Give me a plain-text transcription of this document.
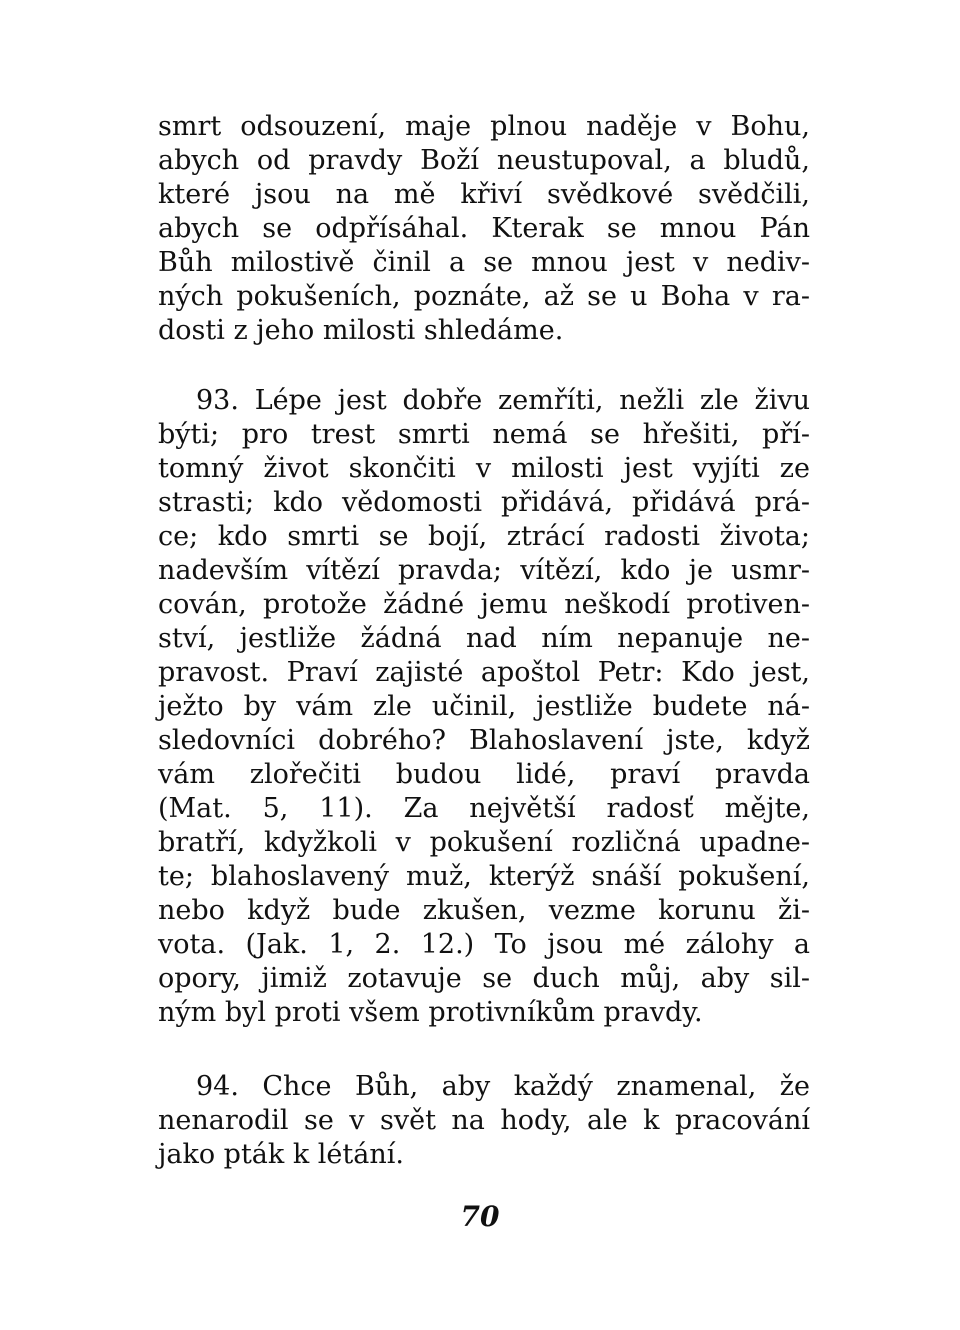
smrt odsouzení, maje plnou naděje v Bohu,
abych od pravdy Boží neustupoval, a bludů,
které jsou na mě křiví svědkové svědčili,
abych se odpřísáhal. Kterak se mnou Pán
Bůh milostivě činil a se mnou jest v nediv-
ných pokušeních, poznáte, až se u Boha v ra-
dosti z jeho milosti shledáme.
93. Lépe jest dobře zemříti, nežli zle živu
býti; pro trest smrti nemá se hřešiti, pří-
tomný život skončiti v milosti jest vyjíti ze
strasti; kdo vědomosti přidává, přidává prá-
ce; kdo smrti se bojí, ztrácí radosti života;
nadevším vítězí pravda; vítězí, kdo je usmr-
cován, protože žádné jemu neškodí protiven-
ství, jestliže žádná nad ním nepanuje ne-
pravost. Praví zajisté apoštol Petr: Kdo jest,
ježto by vám zle učinil, jestliže budete ná-
sledovníci dobrého? Blahoslavení jste, když
vám zlořečiti budou lidé, praví pravda
(Mat. 5, 11). Za největší radosť mějte,
bratří, kdyžkoli v pokušení rozličná upadne-
te; blahoslavený muž, kterýž snáší pokušení,
nebo když bude zkušen, vezme korunu ži-
vota. (Jak. 1, 2. 12.) To jsou mé zálohy a
opory, jimiž zotavuje se duch můj, aby sil-
ným byl proti všem protivníkům pravdy.
94. Chce Bůh, aby každý znamenal, že
nenarodil se v svět na hody, ale k pracování
jako pták k létání.
70
